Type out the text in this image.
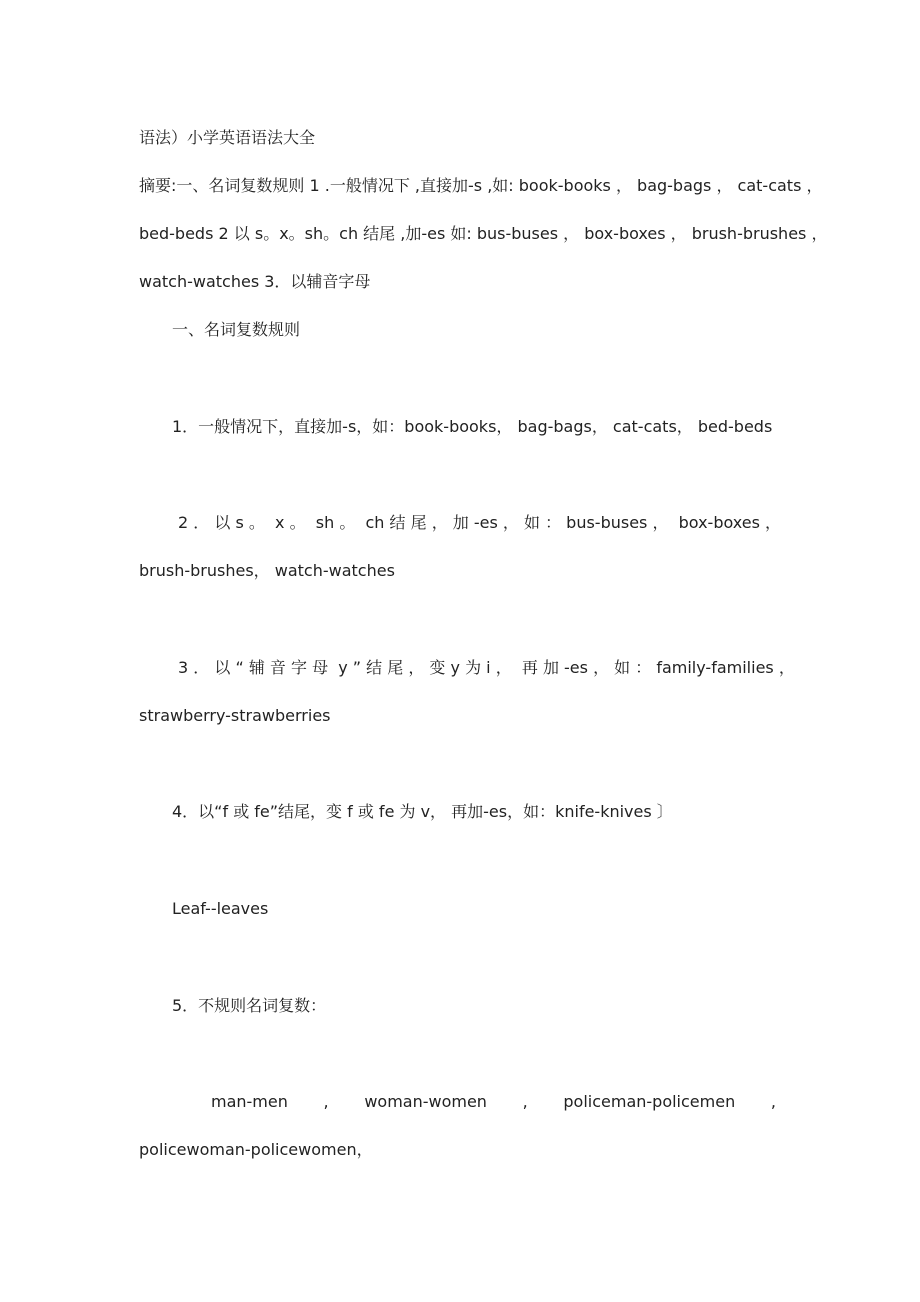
语法）小学英语语法大全
摘要:一、名词复数规则 1 .一般情况下 ,直接加-s ,如: book-books ， bag-bags ， cat-cats ，
bed-beds 2 以 s。x。sh。ch 结尾 ,加-es 如: bus-buses ， box-boxes ， brush-brushes ，
watch-watches 3．以辅音字母
一、名词复数规则
1．一般情况下，直接加-s，如：book-books， bag-bags， cat-cats， bed-beds
2 ． 以 s 。  x 。  sh 。  ch 结 尾 ， 加 -es ， 如 ： bus-buses ，  box-boxes ，
brush-brushes， watch-watches
3 ． 以 “ 辅 音 字 母  y ” 结 尾 ， 变 y 为 i ，  再 加 -es ， 如 ： family-families ，
strawberry-strawberries
4．以“f 或 fe”结尾，变 f 或 fe 为 v， 再加-es，如：knife-knives 〕
Leaf--leaves
5．不规则名词复数：
man-men , woman-women , policeman-policemen ,
policewoman-policewomen，
